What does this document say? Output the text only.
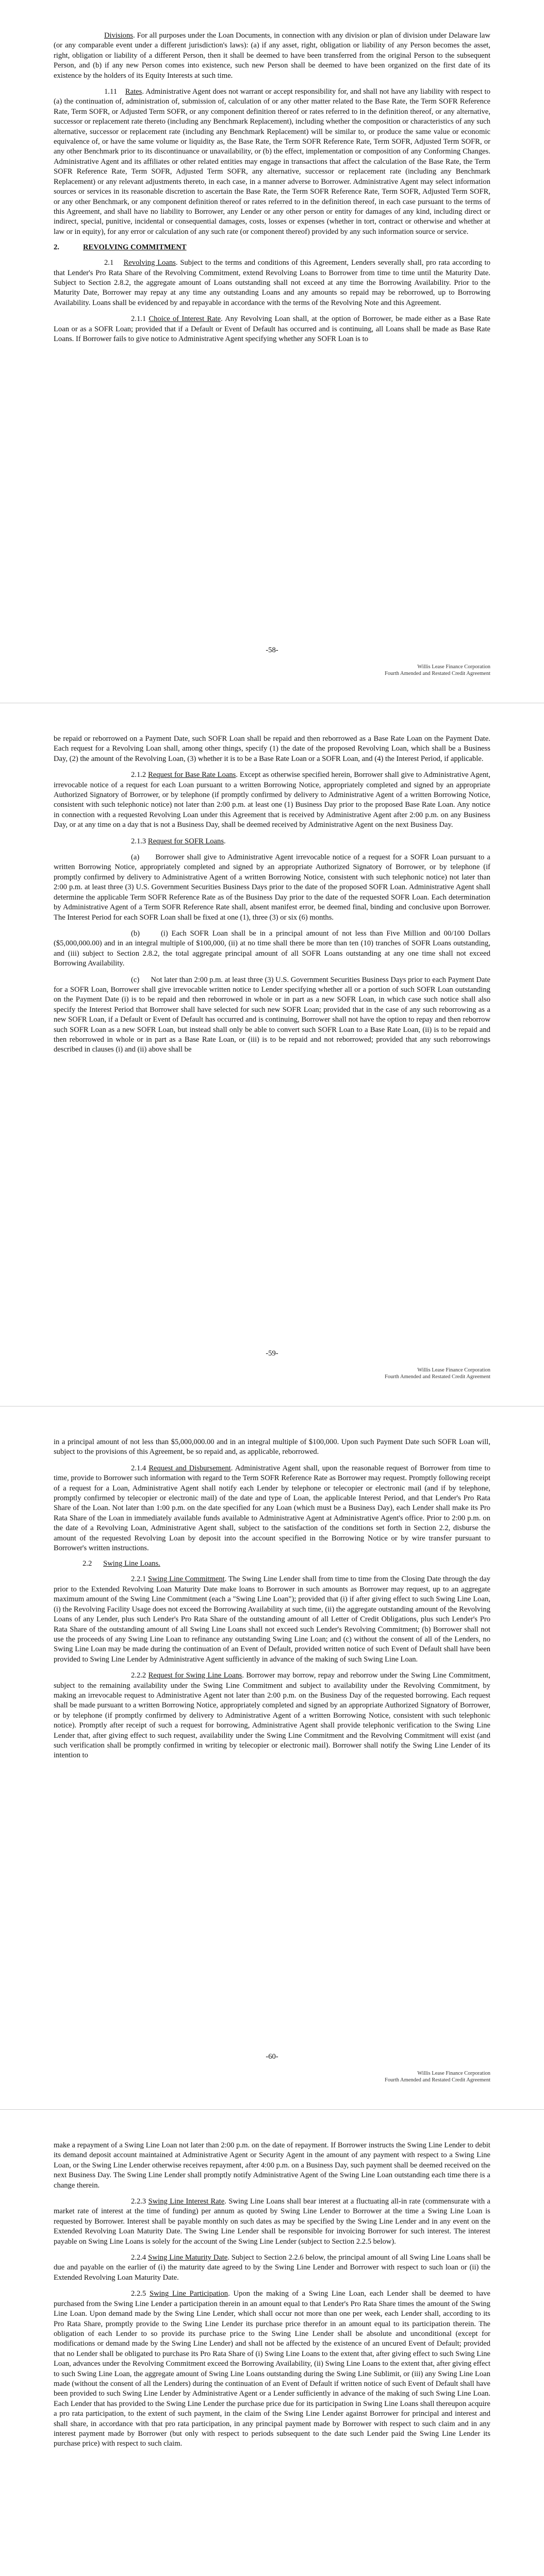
Divisions. For all purposes under the Loan Documents, in connection with any division or plan of division under Delaware law (or any comparable event under a different jurisdiction's laws): (a) if any asset, right, obligation or liability of any Person becomes the asset, right, obligation or liability of a different Person, then it shall be deemed to have been transferred from the original Person to the subsequent Person, and (b) if any new Person comes into existence, such new Person shall be deemed to have been organized on the first date of its existence by the holders of its Equity Interests at such time.

1.11 Rates. Administrative Agent does not warrant or accept responsibility for, and shall not have any liability with respect to (a) the continuation of, administration of, submission of, calculation of or any other matter related to the Base Rate, the Term SOFR Reference Rate, Term SOFR, or Adjusted Term SOFR, or any component definition thereof or rates referred to in the definition thereof, or any alternative, successor or replacement rate thereto (including any Benchmark Replacement), including whether the composition or characteristics of any such alternative, successor or replacement rate (including any Benchmark Replacement) will be similar to, or produce the same value or economic equivalence of, or have the same volume or liquidity as, the Base Rate, the Term SOFR Reference Rate, Term SOFR, Adjusted Term SOFR, or any other Benchmark prior to its discontinuance or unavailability, or (b) the effect, implementation or composition of any Conforming Changes. Administrative Agent and its affiliates or other related entities may engage in transactions that affect the calculation of the Base Rate, the Term SOFR Reference Rate, Term SOFR, Adjusted Term SOFR, any alternative, successor or replacement rate (including any Benchmark Replacement) or any relevant adjustments thereto, in each case, in a manner adverse to Borrower. Administrative Agent may select information sources or services in its reasonable discretion to ascertain the Base Rate, the Term SOFR Reference Rate, Term SOFR, Adjusted Term SOFR, or any other Benchmark, or any component definition thereof or rates referred to in the definition thereof, in each case pursuant to the terms of this Agreement, and shall have no liability to Borrower, any Lender or any other person or entity for damages of any kind, including direct or indirect, special, punitive, incidental or consequential damages, costs, losses or expenses (whether in tort, contract or otherwise and whether at law or in equity), for any error or calculation of any such rate (or component thereof) provided by any such information source or service.

2.	REVOLVING COMMITMENT

2.1 Revolving Loans. Subject to the terms and conditions of this Agreement, Lenders severally shall, pro rata according to that Lender's Pro Rata Share of the Revolving Commitment, extend Revolving Loans to Borrower from time to time until the Maturity Date. Subject to Section 2.8.2, the aggregate amount of Loans outstanding shall not exceed at any time the Borrowing Availability. Prior to the Maturity Date, Borrower may repay at any time any outstanding Loans and any amounts so repaid may be reborrowed, up to Borrowing Availability. Loans shall be evidenced by and repayable in accordance with the terms of the Revolving Note and this Agreement.

2.1.1 Choice of Interest Rate. Any Revolving Loan shall, at the option of Borrower, be made either as a Base Rate Loan or as a SOFR Loan; provided that if a Default or Event of Default has occurred and is continuing, all Loans shall be made as Base Rate Loans. If Borrower fails to give notice to Administrative Agent specifying whether any SOFR Loan is to

-58-
Willis Lease Finance Corporation
Fourth Amended and Restated Credit Agreement

be repaid or reborrowed on a Payment Date, such SOFR Loan shall be repaid and then reborrowed as a Base Rate Loan on the Payment Date. Each request for a Revolving Loan shall, among other things, specify (1) the date of the proposed Revolving Loan, which shall be a Business Day, (2) the amount of the Revolving Loan, (3) whether it is to be a Base Rate Loan or a SOFR Loan, and (4) the Interest Period, if applicable.

2.1.2 Request for Base Rate Loans. Except as otherwise specified herein, Borrower shall give to Administrative Agent, irrevocable notice of a request for each Loan pursuant to a written Borrowing Notice, appropriately completed and signed by an appropriate Authorized Signatory of Borrower, or by telephone (if promptly confirmed by delivery to Administrative Agent of a written Borrowing Notice, consistent with such telephonic notice) not later than 2:00 p.m. at least one (1) Business Day prior to the proposed Base Rate Loan. Any notice in connection with a requested Revolving Loan under this Agreement that is received by Administrative Agent after 2:00 p.m. on any Business Day, or at any time on a day that is not a Business Day, shall be deemed received by Administrative Agent on the next Business Day.

2.1.3 Request for SOFR Loans.

(a) Borrower shall give to Administrative Agent irrevocable notice of a request for a SOFR Loan pursuant to a written Borrowing Notice, appropriately completed and signed by an appropriate Authorized Signatory of Borrower, or by telephone (if promptly confirmed by delivery to Administrative Agent of a written Borrowing Notice, consistent with such telephonic notice) not later than 2:00 p.m. at least three (3) U.S. Government Securities Business Days prior to the date of the proposed SOFR Loan. Administrative Agent shall determine the applicable Term SOFR Reference Rate as of the Business Day prior to the date of the requested SOFR Loan. Each determination by Administrative Agent of a Term SOFR Reference Rate shall, absent manifest error, be deemed final, binding and conclusive upon Borrower. The Interest Period for each SOFR Loan shall be fixed at one (1), three (3) or six (6) months.

(b)	(i) Each SOFR Loan shall be in a principal amount of not less than Five Million and 00/100 Dollars ($5,000,000.00) and in an integral multiple of $100,000, (ii) at no time shall there be more than ten (10) tranches of SOFR Loans outstanding, and (iii) subject to Section 2.8.2, the total aggregate principal amount of all SOFR Loans outstanding at any one time shall not exceed Borrowing Availability.

(c) Not later than 2:00 p.m. at least three (3) U.S. Government Securities Business Days prior to each Payment Date for a SOFR Loan, Borrower shall give irrevocable written notice to Lender specifying whether all or a portion of such SOFR Loan outstanding on the Payment Date (i) is to be repaid and then reborrowed in whole or in part as a new SOFR Loan, in which case such notice shall also specify the Interest Period that Borrower shall have selected for such new SOFR Loan; provided that in the case of any such reborrowing as a new SOFR Loan, if a Default or Event of Default has occurred and is continuing, Borrower shall not have the option to repay and then reborrow such SOFR Loan as a new SOFR Loan, but instead shall only be able to convert such SOFR Loan to a Base Rate Loan, (ii) is to be repaid and then reborrowed in whole or in part as a Base Rate Loan, or (iii) is to be repaid and not reborrowed; provided that any such reborrowings described in clauses (i) and (ii) above shall be

-59-
Willis Lease Finance Corporation
Fourth Amended and Restated Credit Agreement

in a principal amount of not less than $5,000,000.00 and in an integral multiple of $100,000. Upon such Payment Date such SOFR Loan will, subject to the provisions of this Agreement, be so repaid and, as applicable, reborrowed.

2.1.4 Request and Disbursement. Administrative Agent shall, upon the reasonable request of Borrower from time to time, provide to Borrower such information with regard to the Term SOFR Reference Rate as Borrower may request. Promptly following receipt of a request for a Loan, Administrative Agent shall notify each Lender by telephone or telecopier or electronic mail (and if by telephone, promptly confirmed by telecopier or electronic mail) of the date and type of Loan, the applicable Interest Period, and that Lender's Pro Rata Share of the Loan. Not later than 1:00 p.m. on the date specified for any Loan (which must be a Business Day), each Lender shall make its Pro Rata Share of the Loan in immediately available funds available to Administrative Agent at Administrative Agent's office. Prior to 2:00 p.m. on the date of a Revolving Loan, Administrative Agent shall, subject to the satisfaction of the conditions set forth in Section 2.2, disburse the amount of the requested Revolving Loan by deposit into the account specified in the Borrowing Notice or by wire transfer pursuant to Borrower's written instructions.

2.2 Swing Line Loans.

2.2.1 Swing Line Commitment. The Swing Line Lender shall from time to time from the Closing Date through the day prior to the Extended Revolving Loan Maturity Date make loans to Borrower in such amounts as Borrower may request, up to an aggregate maximum amount of the Swing Line Commitment (each a "Swing Line Loan"); provided that (i) if after giving effect to such Swing Line Loan, (i) the Revolving Facility Usage does not exceed the Borrowing Availability at such time, (ii) the aggregate outstanding amount of the Revolving Loans of any Lender, plus such Lender's Pro Rata Share of the outstanding amount of all Letter of Credit Obligations, plus such Lender's Pro Rata Share of the outstanding amount of all Swing Line Loans shall not exceed such Lender's Revolving Commitment; (b) Borrower shall not use the proceeds of any Swing Line Loan to refinance any outstanding Swing Line Loan; and (c) without the consent of all of the Lenders, no Swing Line Loan may be made during the continuation of an Event of Default, provided written notice of such Event of Default shall have been provided to Swing Line Lender by Administrative Agent sufficiently in advance of the making of such Swing Line Loan.

2.2.2 Request for Swing Line Loans. Borrower may borrow, repay and reborrow under the Swing Line Commitment, subject to the remaining availability under the Swing Line Commitment and subject to availability under the Revolving Commitment, by making an irrevocable request to Administrative Agent not later than 2:00 p.m. on the Business Day of the requested borrowing. Each request shall be made pursuant to a written Borrowing Notice, appropriately completed and signed by an appropriate Authorized Signatory of Borrower, or by telephone (if promptly confirmed by delivery to Administrative Agent of a written Borrowing Notice, consistent with such telephonic notice). Promptly after receipt of such a request for borrowing, Administrative Agent shall provide telephonic verification to the Swing Line Lender that, after giving effect to such request, availability under the Swing Line Commitment and the Revolving Commitment will exist (and such verification shall be promptly confirmed in writing by telecopier or electronic mail). Borrower shall notify the Swing Line Lender of its intention to

-60-
Willis Lease Finance Corporation
Fourth Amended and Restated Credit Agreement

make a repayment of a Swing Line Loan not later than 2:00 p.m. on the date of repayment. If Borrower instructs the Swing Line Lender to debit its demand deposit account maintained at Administrative Agent or Security Agent in the amount of any payment with respect to a Swing Line Loan, or the Swing Line Lender otherwise receives repayment, after 4:00 p.m. on a Business Day, such payment shall be deemed received on the next Business Day. The Swing Line Lender shall promptly notify Administrative Agent of the Swing Line Loan outstanding each time there is a change therein.

2.2.3 Swing Line Interest Rate. Swing Line Loans shall bear interest at a fluctuating all-in rate (commensurate with a market rate of interest at the time of funding) per annum as quoted by Swing Line Lender to Borrower at the time a Swing Line Loan is requested by Borrower. Interest shall be payable monthly on such dates as may be specified by the Swing Line Lender and in any event on the Extended Revolving Loan Maturity Date. The Swing Line Lender shall be responsible for invoicing Borrower for such interest. The interest payable on Swing Line Loans is solely for the account of the Swing Line Lender (subject to Section 2.2.5 below).

2.2.4 Swing Line Maturity Date. Subject to Section 2.2.6 below, the principal amount of all Swing Line Loans shall be due and payable on the earlier of (i) the maturity date agreed to by the Swing Line Lender and Borrower with respect to such loan or (ii) the Extended Revolving Loan Maturity Date.

2.2.5 Swing Line Participation. Upon the making of a Swing Line Loan, each Lender shall be deemed to have purchased from the Swing Line Lender a participation therein in an amount equal to that Lender's Pro Rata Share times the amount of the Swing Line Loan. Upon demand made by the Swing Line Lender, which shall occur not more than one per week, each Lender shall, according to its Pro Rata Share, promptly provide to the Swing Line Lender its purchase price therefor in an amount equal to its participation therein. The obligation of each Lender to so provide its purchase price to the Swing Line Lender shall be absolute and unconditional (except for modifications or demand made by the Swing Line Lender) and shall not be affected by the existence of an uncured Event of Default; provided that no Lender shall be obligated to purchase its Pro Rata Share of (i) Swing Line Loans to the extent that, after giving effect to such Swing Line Loan, advances under the Revolving Commitment exceed the Borrowing Availability, (ii) Swing Line Loans to the extent that, after giving effect to such Swing Line Loan, the aggregate amount of Swing Line Loans outstanding during the Swing Line Sublimit, or (iii) any Swing Line Loan made (without the consent of all the Lenders) during the continuation of an Event of Default if written notice of such Event of Default shall have been provided to such Swing Line Lender by Administrative Agent or a Lender sufficiently in advance of the making of such Swing Line Loan. Each Lender that has provided to the Swing Line Lender the purchase price due for its participation in Swing Line Loans shall thereupon acquire a pro rata participation, to the extent of such payment, in the claim of the Swing Line Lender against Borrower for principal and interest and shall share, in accordance with that pro rata participation, in any principal payment made by Borrower with respect to such claim and in any interest payment made by Borrower (but only with respect to periods subsequent to the date such Lender paid the Swing Line Lender its purchase price) with respect to such claim.
